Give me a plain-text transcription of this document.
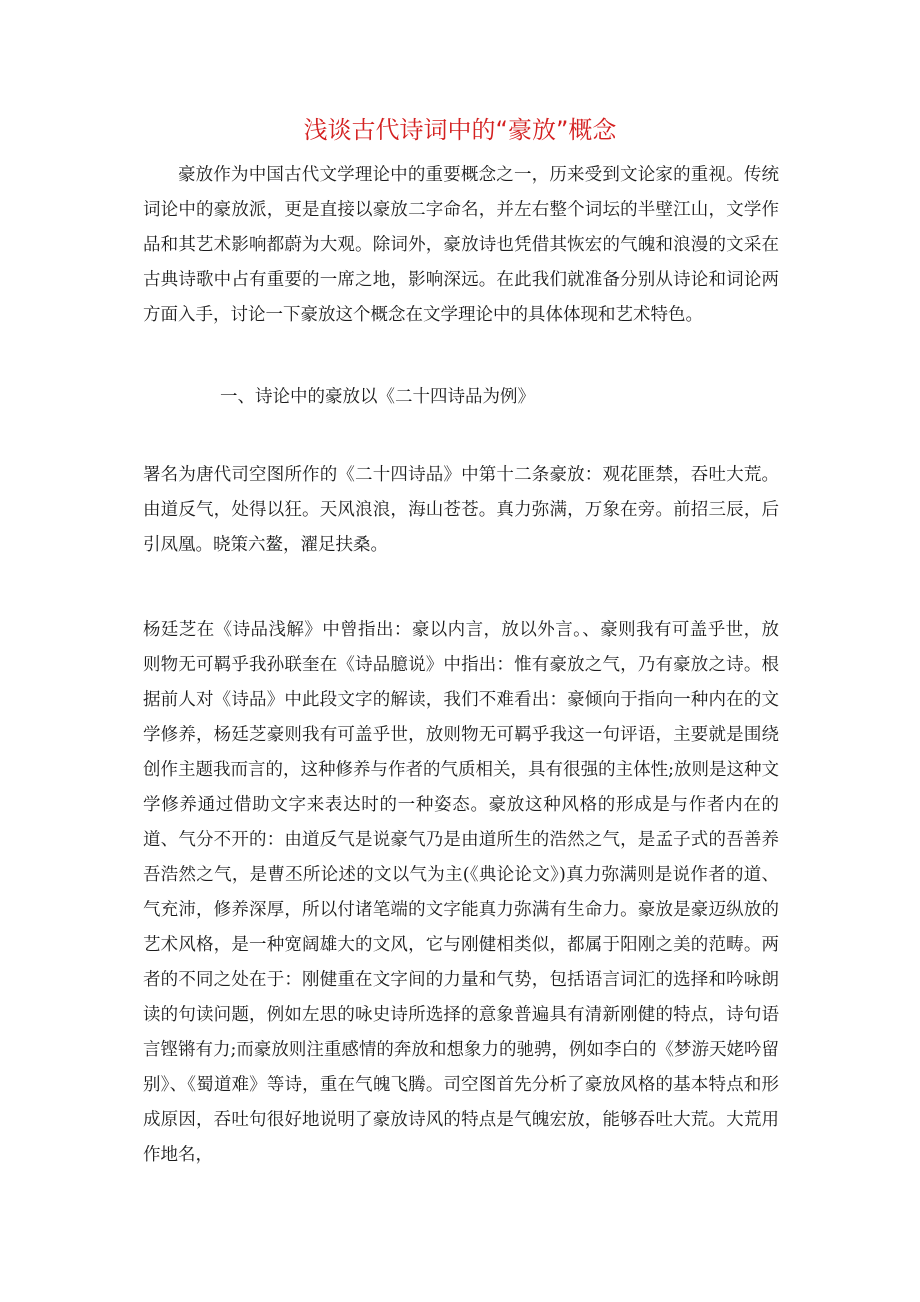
浅谈古代诗词中的“豪放”概念

豪放作为中国古代文学理论中的重要概念之一，历来受到文论家的重视。传统词论中的豪放派，更是直接以豪放二字命名，并左右整个词坛的半壁江山，文学作品和其艺术影响都蔚为大观。除词外，豪放诗也凭借其恢宏的气魄和浪漫的文采在古典诗歌中占有重要的一席之地，影响深远。在此我们就准备分别从诗论和词论两方面入手，讨论一下豪放这个概念在文学理论中的具体体现和艺术特色。

一、诗论中的豪放以《二十四诗品为例》

署名为唐代司空图所作的《二十四诗品》中第十二条豪放：观花匪禁，吞吐大荒。由道反气，处得以狂。天风浪浪，海山苍苍。真力弥满，万象在旁。前招三辰，后引凤凰。晓策六鳌，濯足扶桑。

杨廷芝在《诗品浅解》中曾指出：豪以内言，放以外言。、豪则我有可盖乎世，放则物无可羁乎我孙联奎在《诗品臆说》中指出：惟有豪放之气，乃有豪放之诗。根据前人对《诗品》中此段文字的解读，我们不难看出：豪倾向于指向一种内在的文学修养，杨廷芝豪则我有可盖乎世，放则物无可羁乎我这一句评语，主要就是围绕创作主题我而言的，这种修养与作者的气质相关，具有很强的主体性;放则是这种文学修养通过借助文字来表达时的一种姿态。豪放这种风格的形成是与作者内在的道、气分不开的：由道反气是说豪气乃是由道所生的浩然之气，是孟子式的吾善养吾浩然之气，是曹丕所论述的文以气为主(《典论论文》)真力弥满则是说作者的道、气充沛，修养深厚，所以付诸笔端的文字能真力弥满有生命力。豪放是豪迈纵放的艺术风格，是一种宽阔雄大的文风，它与刚健相类似，都属于阳刚之美的范畴。两者的不同之处在于：刚健重在文字间的力量和气势，包括语言词汇的选择和吟咏朗读的句读问题，例如左思的咏史诗所选择的意象普遍具有清新刚健的特点，诗句语言铿锵有力;而豪放则注重感情的奔放和想象力的驰骋，例如李白的《梦游天姥吟留别》、《蜀道难》等诗，重在气魄飞腾。司空图首先分析了豪放风格的基本特点和形成原因，吞吐句很好地说明了豪放诗风的特点是气魄宏放，能够吞吐大荒。大荒用作地名，
